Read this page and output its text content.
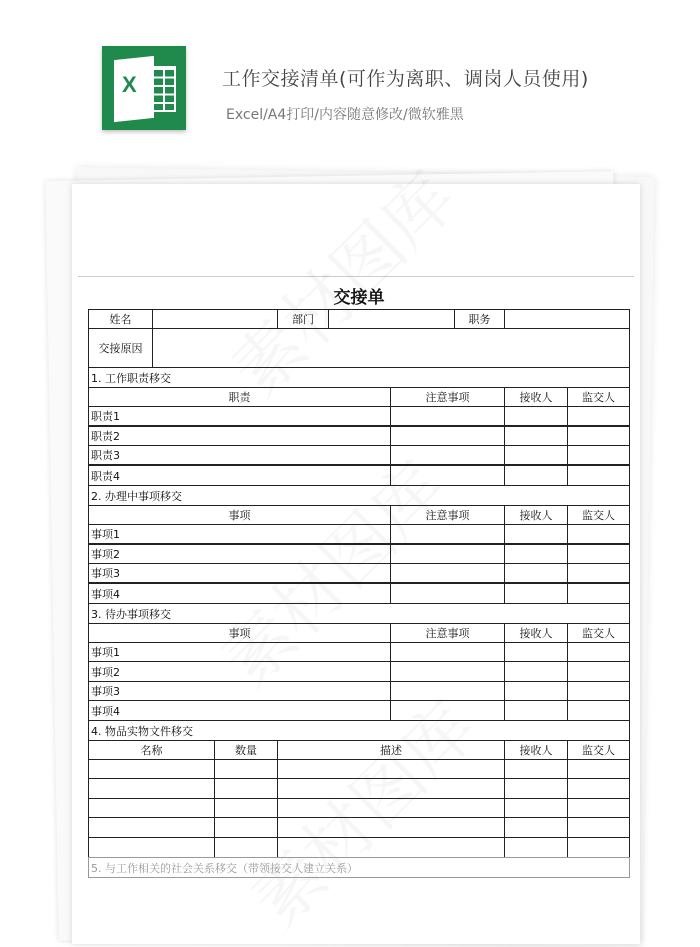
X	工作交接清单(可作为离职、调岗人员使用)
Excel/A4打印/内容随意修改/微软雅黑
交接单
姓名	部门	职务
交接原因
1. 工作职责移交
职责	注意事项	接收人	监交人
职责1
职责2
职责3
职责4
2. 办理中事项移交
事项	注意事项	接收人	监交人
事项1
事项2
事项3
事项4
3. 待办事项移交
事项	注意事项	接收人	监交人
事项1
事项2
事项3
事项4
4. 物品实物文件移交
名称	数量	描述	接收人	监交人
5. 与工作相关的社会关系移交（带领接交人建立关系）
